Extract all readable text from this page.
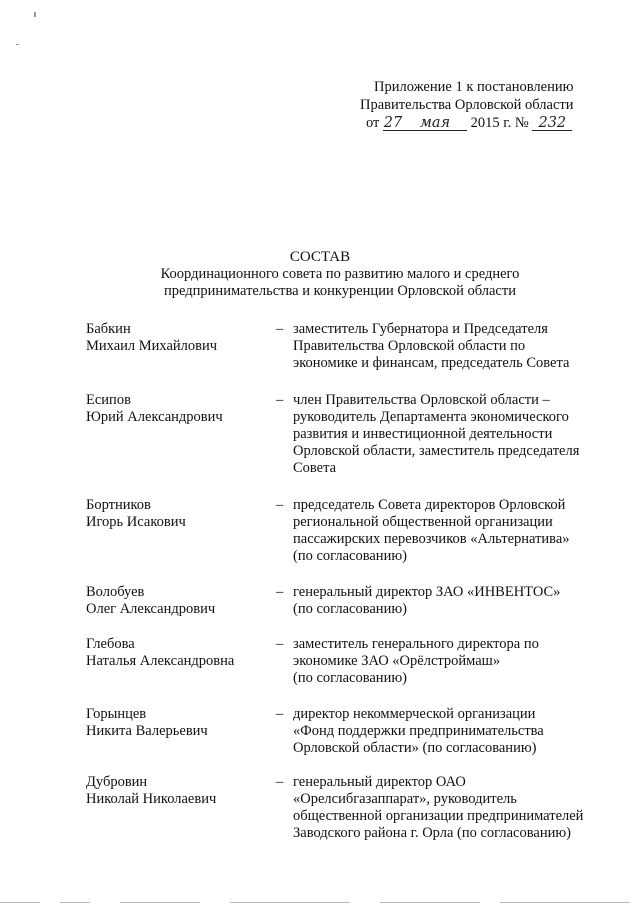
Приложение 1 к постановлению
Правительства Орловской области
от 27 мая 2015 г. № 232
СОСТАВ
Координационного совета по развитию малого и среднего
предпринимательства и конкуренции Орловской области
Бабкин
Михаил Михайлович
– заместитель Губернатора и Председателя
Правительства Орловской области по
экономике и финансам, председатель Совета
Есипов
Юрий Александрович
– член Правительства Орловской области –
руководитель Департамента экономического
развития и инвестиционной деятельности
Орловской области, заместитель председателя
Совета
Бортников
Игорь Исакович
– председатель Совета директоров Орловской
региональной общественной организации
пассажирских перевозчиков «Альтернатива»
(по согласованию)
Волобуев
Олег Александрович
– генеральный директор ЗАО «ИНВЕНТОС»
(по согласованию)
Глебова
Наталья Александровна
– заместитель генерального директора по
экономике ЗАО «Орёлстроймаш»
(по согласованию)
Горынцев
Никита Валерьевич
– директор некоммерческой организации
«Фонд поддержки предпринимательства
Орловской области» (по согласованию)
Дубровин
Николай Николаевич
– генеральный директор ОАО
«Орелсибгазаппарат», руководитель
общественной организации предпринимателей
Заводского района г. Орла (по согласованию)
